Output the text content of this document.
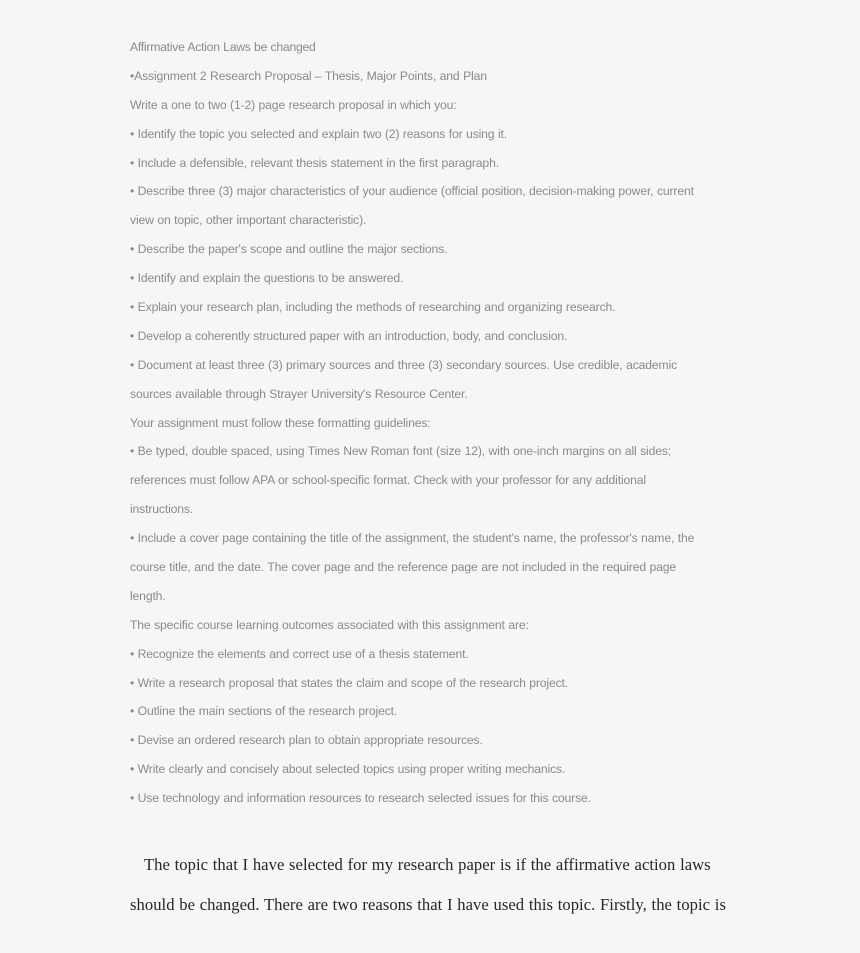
Affirmative Action Laws be changed
•Assignment 2 Research Proposal – Thesis, Major Points, and Plan
Write a one to two (1-2) page research proposal in which you:
• Identify the topic you selected and explain two (2) reasons for using it.
• Include a defensible, relevant thesis statement in the first paragraph.
• Describe three (3) major characteristics of your audience (official position, decision-making power, current
view on topic, other important characteristic).
• Describe the paper's scope and outline the major sections.
• Identify and explain the questions to be answered.
• Explain your research plan, including the methods of researching and organizing research.
• Develop a coherently structured paper with an introduction, body, and conclusion.
• Document at least three (3) primary sources and three (3) secondary sources. Use credible, academic
sources available through Strayer University's Resource Center.
Your assignment must follow these formatting guidelines:
• Be typed, double spaced, using Times New Roman font (size 12), with one-inch margins on all sides;
references must follow APA or school-specific format. Check with your professor for any additional
instructions.
• Include a cover page containing the title of the assignment, the student's name, the professor's name, the
course title, and the date. The cover page and the reference page are not included in the required page
length.
The specific course learning outcomes associated with this assignment are:
• Recognize the elements and correct use of a thesis statement.
• Write a research proposal that states the claim and scope of the research project.
• Outline the main sections of the research project.
• Devise an ordered research plan to obtain appropriate resources.
• Write clearly and concisely about selected topics using proper writing mechanics.
• Use technology and information resources to research selected issues for this course.
The topic that I have selected for my research paper is if the affirmative action laws
should be changed. There are two reasons that I have used this topic. Firstly, the topic is
